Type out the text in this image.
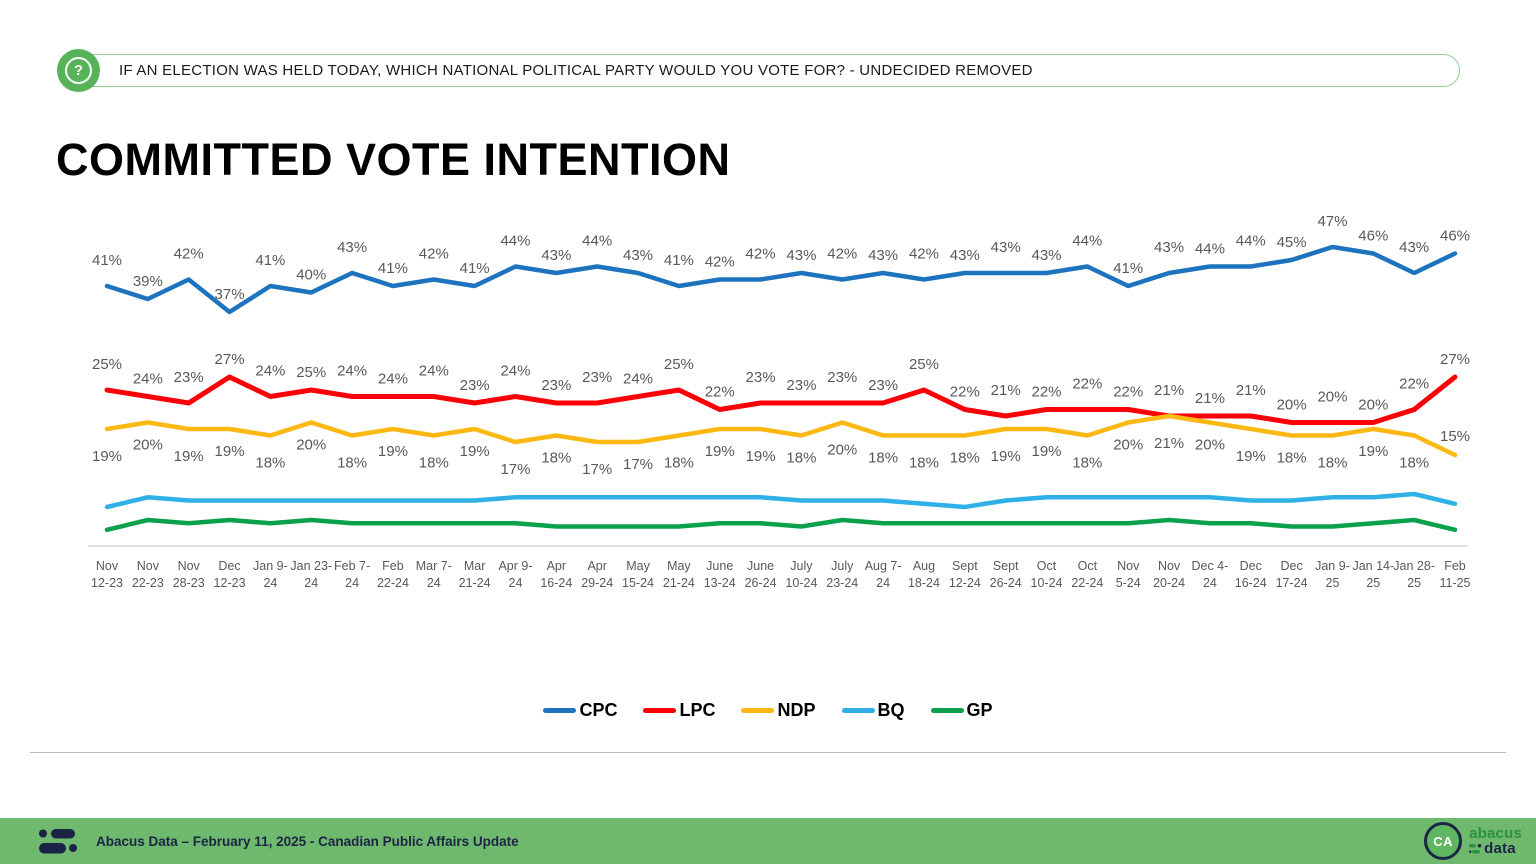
?	IF AN ELECTION WAS HELD TODAY, WHICH NATIONAL POLITICAL PARTY WOULD YOU VOTE FOR? - UNDECIDED REMOVED
COMMITTED VOTE INTENTION
Nov 12-23
Nov 22-23
Nov 28-23
Dec 12-23
Jan 9-24
Jan 23-24
Feb 7-24
Feb 22-24
Mar 7-24
Mar 21-24
Apr 9-24
Apr 16-24
Apr 29-24
May 15-24
May 21-24
June 13-24
June 26-24
July 10-24
July 23-24
Aug 7-24
Aug 18-24
Sept 12-24
Sept 26-24
Oct 10-24
Oct 22-24
Nov 5-24
Nov 20-24
Dec 4-24
Dec 16-24
Dec 17-24
Jan 9-25
Jan 14-25
Jan 28-25
Feb 11-25
41%
39%
42%
37%
41%
40%
43%
41%
42%
41%
44%
43%
44%
43% 41% 42% 42% 43% 42% 43% 42% 43% 43% 43%
44%
41%
43% 44% 44% 45%
47%
46%
43%
46%
25%
24% 23%
27%
24% 25% 24% 24% 24%
23%
24%
23% 23% 24%
25%
22%
23% 23% 23% 23%
25%
22% 21% 22% 22% 22% 21% 21% 21%
20% 20% 20%
22%
27%
19%
20%
19% 19%
18%
20%
18%
19%
18%
19%
17%
18%
17% 17% 18%
19% 19% 18% 20% 18% 18% 18% 19% 19%
18%
20% 21% 20%
19% 18% 18%
19%
18%
15%
CPC	LPC	NDP	BQ	GP
Abacus Data – February 11, 2025 - Canadian Public Affairs Update	CA abacus
data
